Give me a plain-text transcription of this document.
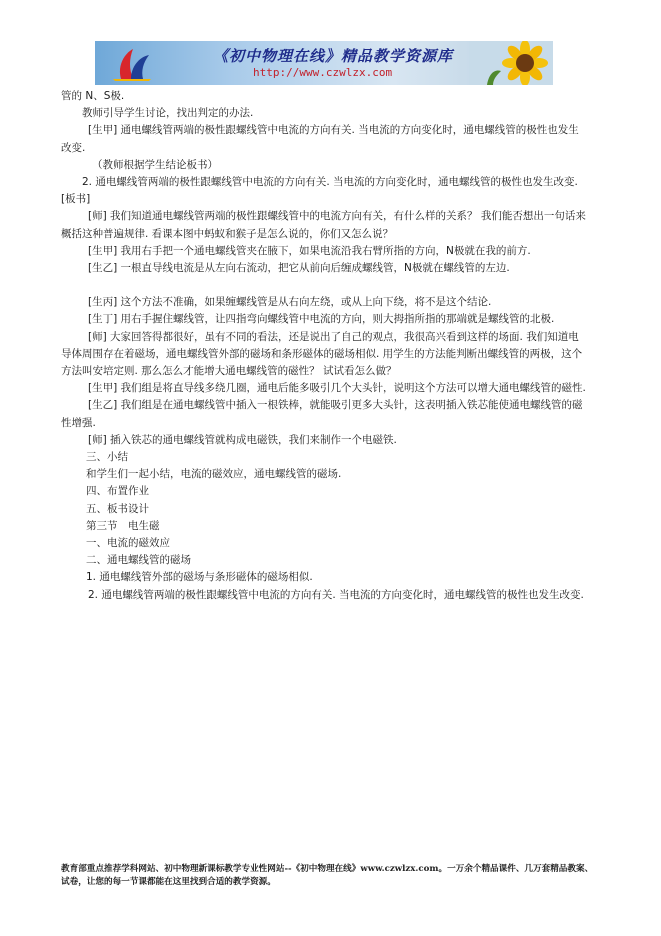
《初中物理在线》精品教学资源库
http://www.czwlzx.com

管的 N、S极.

教师引导学生讨论，找出判定的办法.

[生甲] 通电螺线管两端的极性跟螺线管中电流的方向有关. 当电流的方向变化时，通电螺线管的极性也发生改变.

（教师根据学生结论板书）

2. 通电螺线管两端的极性跟螺线管中电流的方向有关. 当电流的方向变化时，通电螺线管的极性也发生改变.　　[板书]

[师] 我们知道通电螺线管两端的极性跟螺线管中的电流方向有关，有什么样的关系？ 我们能否想出一句话来概括这种普遍规律. 看课本图中蚂蚁和猴子是怎么说的，你们又怎么说？

[生甲] 我用右手把一个通电螺线管夹在腋下，如果电流沿我右臂所指的方向，N极就在我的前方.

[生乙] 一根直导线电流是从左向右流动，把它从前向后缠成螺线管，N极就在螺线管的左边.

[生丙] 这个方法不准确，如果缠螺线管是从右向左绕，或从上向下绕，将不是这个结论.

[生丁] 用右手握住螺线管，让四指弯向螺线管中电流的方向，则大拇指所指的那端就是螺线管的北极.

[师] 大家回答得都很好，虽有不同的看法，还是说出了自己的观点，我很高兴看到这样的场面. 我们知道电导体周围存在着磁场，通电螺线管外部的磁场和条形磁体的磁场相似. 用学生的方法能判断出螺线管的两极，这个方法叫安培定则. 那么怎么才能增大通电螺线管的磁性？ 试试看怎么做？

[生甲] 我们组是将直导线多绕几圈，通电后能多吸引几个大头针，说明这个方法可以增大通电螺线管的磁性.

[生乙] 我们组是在通电螺线管中插入一根铁棒，就能吸引更多大头针，这表明插入铁芯能使通电螺线管的磁性增强.

[师] 插入铁芯的通电螺线管就构成电磁铁，我们来制作一个电磁铁.

三、小结

和学生们一起小结，电流的磁效应，通电螺线管的磁场.

四、布置作业

五、板书设计

第三节　电生磁

一、电流的磁效应

二、通电螺线管的磁场

1. 通电螺线管外部的磁场与条形磁体的磁场相似.

2. 通电螺线管两端的极性跟螺线管中电流的方向有关. 当电流的方向变化时，通电螺线管的极性也发生改变.

教育部重点推荐学科网站、初中物理新课标教学专业性网站--《初中物理在线》www.czwlzx.com。一万余个精品课件、几万套精品教案、试卷，让您的每一节课都能在这里找到合适的教学资源。
